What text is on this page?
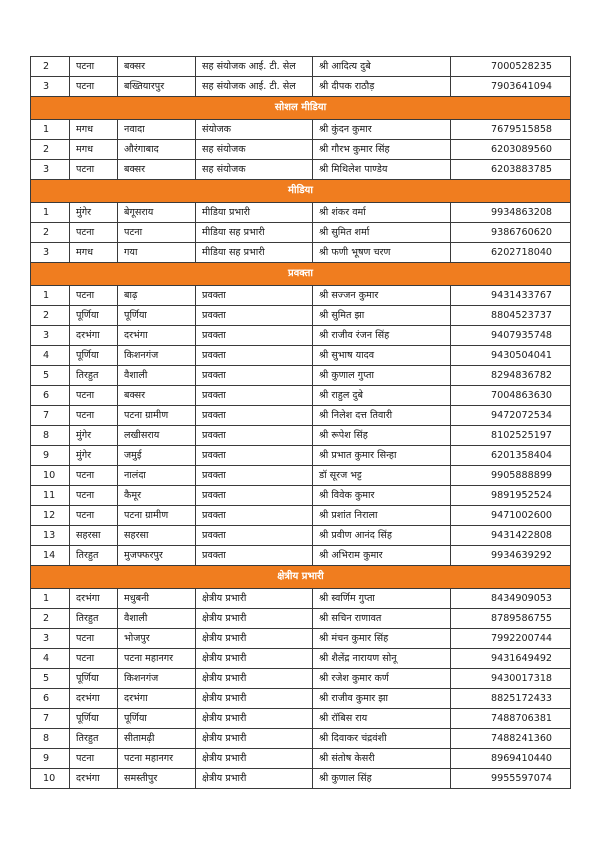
2	पटना	बक्सर	सह संयोजक आई. टी. सेल	श्री आदित्य दुबे	7000528235
3	पटना	बख्तियारपुर	सह संयोजक आई. टी. सेल	श्री दीपक राठौड़	7903641094
सोशल मीडिया					
1	मगध	नवादा	संयोजक	श्री कुंदन कुमार	7679515858
2	मगध	औरंगाबाद	सह संयोजक	श्री गौरभ कुमार सिंह	6203089560
3	पटना	बक्सर	सह संयोजक	श्री मिथिलेश पाण्डेय	6203883785
मीडिया					
1	मुंगेर	बेगूसराय	मीडिया प्रभारी	श्री शंकर वर्मा	9934863208
2	पटना	पटना	मीडिया सह प्रभारी	श्री सुमित शर्मा	9386760620
3	मगध	गया	मीडिया सह प्रभारी	श्री फणी भूषण चरण	6202718040
प्रवक्ता					
1	पटना	बाढ़	प्रवक्ता	श्री सज्जन कुमार	9431433767
2	पूर्णिया	पूर्णिया	प्रवक्ता	श्री सुमित झा	8804523737
3	दरभंगा	दरभंगा	प्रवक्ता	श्री राजीव रंजन सिंह	9407935748
4	पूर्णिया	किशनगंज	प्रवक्ता	श्री सुभाष यादव	9430504041
5	तिरहुत	वैशाली	प्रवक्ता	श्री कुणाल गुप्ता	8294836782
6	पटना	बक्सर	प्रवक्ता	श्री राहुल दुबे	7004863630
7	पटना	पटना ग्रामीण	प्रवक्ता	श्री निलेश दत्त तिवारी	9472072534
8	मुंगेर	लखीसराय	प्रवक्ता	श्री रूपेश सिंह	8102525197
9	मुंगेर	जमुई	प्रवक्ता	श्री प्रभात कुमार सिन्हा	6201358404
10	पटना	नालंदा	प्रवक्ता	डॉ सूरज भट्ट	9905888899
11	पटना	कैमूर	प्रवक्ता	श्री विवेक कुमार	9891952524
12	पटना	पटना ग्रामीण	प्रवक्ता	श्री प्रशांत निराला	9471002600
13	सहरसा	सहरसा	प्रवक्ता	श्री प्रवीण आनंद सिंह	9431422808
14	तिरहुत	मुजफ्फरपुर	प्रवक्ता	श्री अभिराम कुमार	9934639292
क्षेत्रीय प्रभारी					
1	दरभंगा	मधुबनी	क्षेत्रीय प्रभारी	श्री स्वर्णिम गुप्ता	8434909053
2	तिरहुत	वैशाली	क्षेत्रीय प्रभारी	श्री सचिन राणावत	8789586755
3	पटना	भोजपुर	क्षेत्रीय प्रभारी	श्री मंचन कुमार सिंह	7992200744
4	पटना	पटना महानगर	क्षेत्रीय प्रभारी	श्री शैलेंद्र नारायण सोनू	9431649492
5	पूर्णिया	किशनगंज	क्षेत्रीय प्रभारी	श्री रजेश कुमार कर्ण	9430017318
6	दरभंगा	दरभंगा	क्षेत्रीय प्रभारी	श्री राजीव कुमार झा	8825172433
7	पूर्णिया	पूर्णिया	क्षेत्रीय प्रभारी	श्री रॉबिस राय	7488706381
8	तिरहुत	सीतामढ़ी	क्षेत्रीय प्रभारी	श्री दिवाकर चंद्रवंशी	7488241360
9	पटना	पटना महानगर	क्षेत्रीय प्रभारी	श्री संतोष केसरी	8969410440
10	दरभंगा	समस्तीपुर	क्षेत्रीय प्रभारी	श्री कुणाल सिंह	9955597074
